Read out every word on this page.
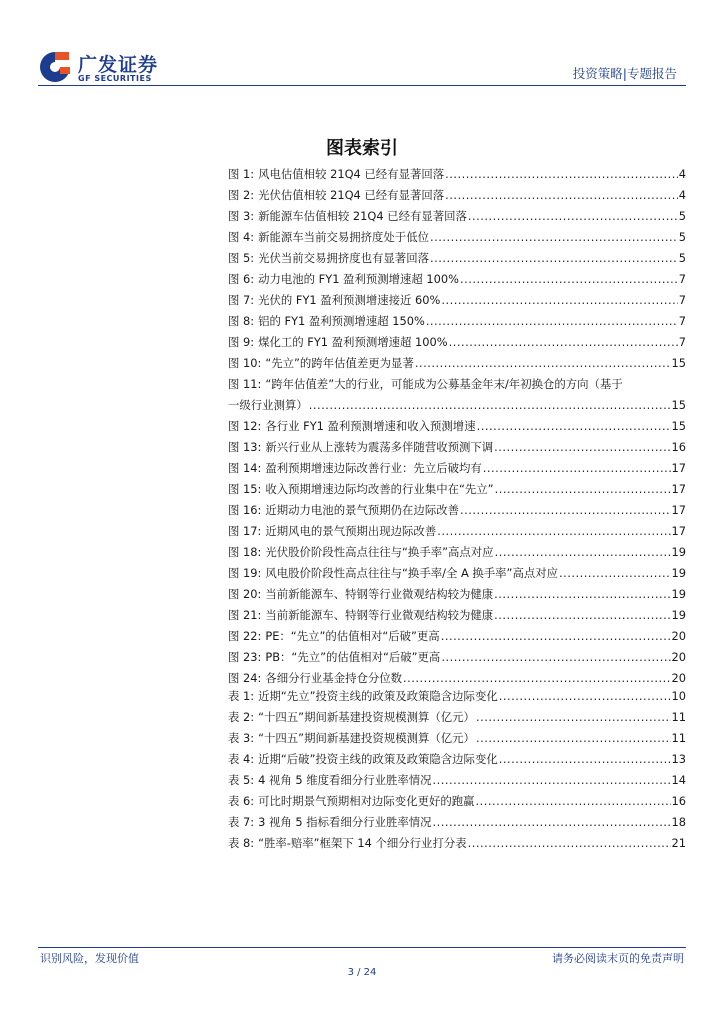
广发证券
GF SECURITIES	投资策略|专题报告
图表索引
图 1: 风电估值相较 21Q4 已经有显著回落 .....	4
图 2: 光伏估值相较 21Q4 已经有显著回落 .....	4
图 3: 新能源车估值相较 21Q4 已经有显著回落 .....	5
图 4: 新能源车当前交易拥挤度处于低位 .....	5
图 5: 光伏当前交易拥挤度也有显著回落 .....	5
图 6: 动力电池的 FY1 盈利预测增速超 100% .....	7
图 7: 光伏的 FY1 盈利预测增速接近 60% .....	7
图 8: 铝的 FY1 盈利预测增速超 150% .....	7
图 9: 煤化工的 FY1 盈利预测增速超 100% .....	7
图 10: “先立”的跨年估值差更为显著 .....	15
图 11: “跨年估值差”大的行业，可能成为公募基金年末/年初换仓的方向（基于
一级行业测算） .....	15
图 12: 各行业 FY1 盈利预测增速和收入预测增速 .....	15
图 13: 新兴行业从上涨转为震荡多伴随营收预测下调 .....	16
图 14: 盈利预期增速边际改善行业：先立后破均有 .....	17
图 15: 收入预期增速边际均改善的行业集中在“先立” .....	17
图 16: 近期动力电池的景气预期仍在边际改善 .....	17
图 17: 近期风电的景气预期出现边际改善 .....	17
图 18: 光伏股价阶段性高点往往与“换手率”高点对应 .....	19
图 19: 风电股价阶段性高点往往与“换手率/全 A 换手率”高点对应 .....	19
图 20: 当前新能源车、特钢等行业微观结构较为健康 .....	19
图 21: 当前新能源车、特钢等行业微观结构较为健康 .....	19
图 22: PE：“先立”的估值相对“后破”更高 .....	20
图 23: PB：“先立”的估值相对“后破”更高 .....	20
图 24: 各细分行业基金持仓分位数 .....	20
表 1: 近期“先立”投资主线的政策及政策隐含边际变化 .....	10
表 2: “十四五”期间新基建投资规模测算（亿元） .....	11
表 3: “十四五”期间新基建投资规模测算（亿元） .....	11
表 4: 近期“后破”投资主线的政策及政策隐含边际变化 .....	13
表 5: 4 视角 5 维度看细分行业胜率情况 .....	14
表 6: 可比时期景气预期相对边际变化更好的跑赢 .....	16
表 7: 3 视角 5 指标看细分行业胜率情况 .....	18
表 8: “胜率-赔率”框架下 14 个细分行业打分表 .....	21
识别风险，发现价值	请务必阅读末页的免责声明
3 / 24
